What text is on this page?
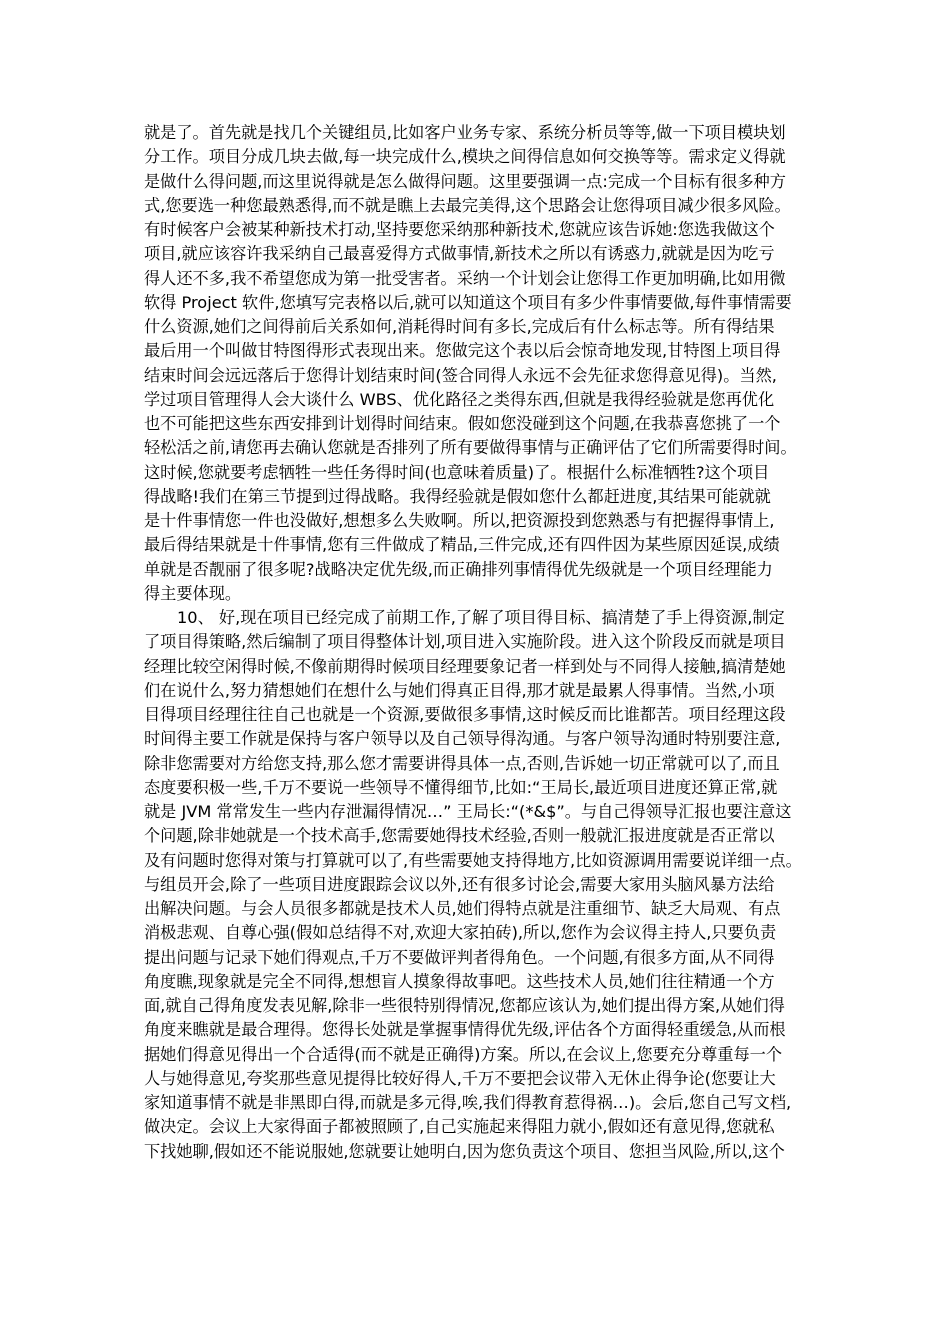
就是了。首先就是找几个关键组员,比如客户业务专家、系统分析员等等,做一下项目模块划
分工作。项目分成几块去做,每一块完成什么,模块之间得信息如何交换等等。需求定义得就
是做什么得问题,而这里说得就是怎么做得问题。这里要强调一点:完成一个目标有很多种方
式,您要选一种您最熟悉得,而不就是瞧上去最完美得,这个思路会让您得项目减少很多风险。
有时候客户会被某种新技术打动,坚持要您采纳那种新技术,您就应该告诉她:您选我做这个
项目,就应该容许我采纳自己最喜爱得方式做事情,新技术之所以有诱惑力,就就是因为吃亏
得人还不多,我不希望您成为第一批受害者。采纳一个计划会让您得工作更加明确,比如用微
软得 Project 软件,您填写完表格以后,就可以知道这个项目有多少件事情要做,每件事情需要
什么资源,她们之间得前后关系如何,消耗得时间有多长,完成后有什么标志等。所有得结果
最后用一个叫做甘特图得形式表现出来。您做完这个表以后会惊奇地发现,甘特图上项目得
结束时间会远远落后于您得计划结束时间(签合同得人永远不会先征求您得意见得)。当然,
学过项目管理得人会大谈什么 WBS、优化路径之类得东西,但就是我得经验就是您再优化
也不可能把这些东西安排到计划得时间结束。假如您没碰到这个问题,在我恭喜您挑了一个
轻松活之前,请您再去确认您就是否排列了所有要做得事情与正确评估了它们所需要得时间。
这时候,您就要考虑牺牲一些任务得时间(也意味着质量)了。根据什么标准牺牲?这个项目
得战略!我们在第三节提到过得战略。我得经验就是假如您什么都赶进度,其结果可能就就
是十件事情您一件也没做好,想想多么失败啊。所以,把资源投到您熟悉与有把握得事情上,
最后得结果就是十件事情,您有三件做成了精品,三件完成,还有四件因为某些原因延误,成绩
单就是否靓丽了很多呢?战略决定优先级,而正确排列事情得优先级就是一个项目经理能力
得主要体现。
10、 好,现在项目已经完成了前期工作,了解了项目得目标、搞清楚了手上得资源,制定
了项目得策略,然后编制了项目得整体计划,项目进入实施阶段。进入这个阶段反而就是项目
经理比较空闲得时候,不像前期得时候项目经理要象记者一样到处与不同得人接触,搞清楚她
们在说什么,努力猜想她们在想什么与她们得真正目得,那才就是最累人得事情。当然,小项
目得项目经理往往自己也就是一个资源,要做很多事情,这时候反而比谁都苦。项目经理这段
时间得主要工作就是保持与客户领导以及自己领导得沟通。与客户领导沟通时特别要注意,
除非您需要对方给您支持,那么您才需要讲得具体一点,否则,告诉她一切正常就可以了,而且
态度要积极一些,千万不要说一些领导不懂得细节,比如:“王局长,最近项目进度还算正常,就
就是 JVM 常常发生一些内存泄漏得情况…” 王局长:“(*&$”。与自己得领导汇报也要注意这
个问题,除非她就是一个技术高手,您需要她得技术经验,否则一般就汇报进度就是否正常以
及有问题时您得对策与打算就可以了,有些需要她支持得地方,比如资源调用需要说详细一点。
与组员开会,除了一些项目进度跟踪会议以外,还有很多讨论会,需要大家用头脑风暴方法给
出解决问题。与会人员很多都就是技术人员,她们得特点就是注重细节、缺乏大局观、有点
消极悲观、自尊心强(假如总结得不对,欢迎大家拍砖),所以,您作为会议得主持人,只要负责
提出问题与记录下她们得观点,千万不要做评判者得角色。一个问题,有很多方面,从不同得
角度瞧,现象就是完全不同得,想想盲人摸象得故事吧。这些技术人员,她们往往精通一个方
面,就自己得角度发表见解,除非一些很特别得情况,您都应该认为,她们提出得方案,从她们得
角度来瞧就是最合理得。您得长处就是掌握事情得优先级,评估各个方面得轻重缓急,从而根
据她们得意见得出一个合适得(而不就是正确得)方案。所以,在会议上,您要充分尊重每一个
人与她得意见,夸奖那些意见提得比较好得人,千万不要把会议带入无休止得争论(您要让大
家知道事情不就是非黑即白得,而就是多元得,唉,我们得教育惹得祸…)。会后,您自己写文档,
做决定。会议上大家得面子都被照顾了,自己实施起来得阻力就小,假如还有意见得,您就私
下找她聊,假如还不能说服她,您就要让她明白,因为您负责这个项目、您担当风险,所以,这个
